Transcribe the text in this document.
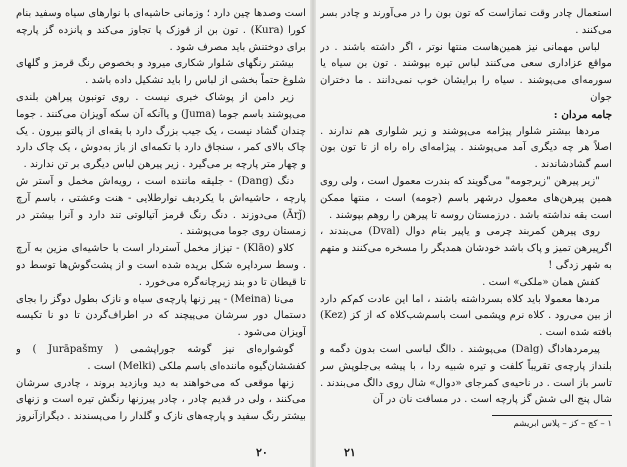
است وصدها چین دارد ؛ وزمانی حاشیه‌ای با نوارهای سیاه وسفید بنام کورا (Kura) . تون بن از قوزک پا تجاوز می‌کند و پانزده گز پارچه برای دوختنش باید مصرف شود .

بیشتر رنگهای شلوار شکاری میرود و بخصوص رنگ قرمز و گلهای شلوغ حتماً بخشی از لباس را باید تشکیل داده باشد .

زیر دامن از پوشاک خبری نیست . روی تونبون پیراهن بلندی می‌پوشند باسم جوما (Juma) و یاآنکه آن سکه آویزان می‌کنند . جوما چندان گشاد نیست ، یک جیب بزرگ دارد با یقه‌ای از پالتو بیرون . یک چاک بالای کمر ، سنجاق دارد با تکمه‌ای از باز به‌دوش ، یک چاک دارد و چهار متر پارچه بر می‌گیرد . زیر پیرهن لباس دیگری بر تن ندارند .

دنگ (Dang) - جلیقه ماننده است ، رویه‌اش مخمل و آستر ش پارچه ، حاشیه‌اش با یکردیف نوارطلایی - هنت وعشتی ، باسم آرچ (Ārǰ) می‌دوزند . دنگ رنگ قرمز آتیالوتی تند دارد و آنرا بیشتر در زمستان روی جوما می‌پوشند .

کلاو (Klāo) - تیزاز مخمل آستردار است با حاشیه‌ای مزین به آرچ . وسط سرداپره شکل بریده شده است و از پشت‌گوش‌ها توسط دو تا قیطان تا دو بند زیرچانه‌گره می‌خورد .

می‌نا (Meina) - پیر زنها پارچه‌ی سیاه و نازک بطول دوگز را بجای دستمال دور سرشان می‌پیچند که در اطراف‌گردن تا دو نا تکیسه آویزان می‌شود .

گوشواره‌ای نیز گوشه جوراپشمی ( Jurāpašmy ) و کفششان‌گیوه ماننده‌ای باسم ملکی (Melki) است .

زنها موقعی که می‌خواهند به دید وبازدید بروند ، چادری سرشان می‌کنند ، ولی در قدیم چادر ، چادر پیرزنها رنگش تیره است و زنهای بیشتر رنگ سفید و پارچه‌های نازک و گلدار را می‌پسندند . دیگرازآنروز

۲۰

استعمال چادر وقت نمازاست که تون بون را در می‌آورند و چادر بسر می‌کنند .

لباس مهمانی نیز همین‌هاست منتها نوتر ، اگر داشته باشند . در مواقع عزاداری سعی می‌کنند لباس تیره بپوشند . تون بن سیاه یا سورمه‌ای می‌پوشند . سیاه را برایشان خوب نمی‌دانند . ما دختران جوان

جامه مردان :

مردها بیشتر شلوار پیژامه می‌پوشند و زیر شلواری هم ندارند . اصلاً هر چه دیگری آمد می‌پوشند . پیژامه‌ای راه راه از تا تون بون اسم گشادشاندند .

"زیر پیرهن "زیرجومه" می‌گویند که بندرت معمول است ، ولی روی همین پیرهن‌های معمول درشهر باسم (جومه) است ، منتها ممکن است بقه نداشته باشد . درزمستان روسه‌ تا پیرهن را روهم بپوشند .

روی پیرهن کمربند چرمی و یاپیر بنام دوال (Dval) می‌بندند ، اگرپیرهن تمیز و پاک باشد خودشان همدیگر را مسخره می‌کنند و متهم به شهر زدگی !

کفش همان «ملکی» است .

مردها معمولا باید کلاه بسرداشته باشند ، اما این عادت کم‌کم دارد از بین می‌رود . کلاه نرم وپشمی است باسم‌شب‌کلاه که از کز (Kez) بافته شده است .

پیرمردهاداگ (Dalg) می‌پوشند . دالگ لباسی است بدون دگمه و بلنداز پارچه‌ی تقریباً کلفت و تیره شبیه ردا ، با پیشه بی‌جلوپش سر تاسر باز است . در ناحیه‌ی کمرجای «دوال» شال روی دالگ می‌بندند . شال پنج الی شش گز پارچه است . در مسافت نان در آن

۱ – کج – کز – پلاس ابریشم

۲۱
